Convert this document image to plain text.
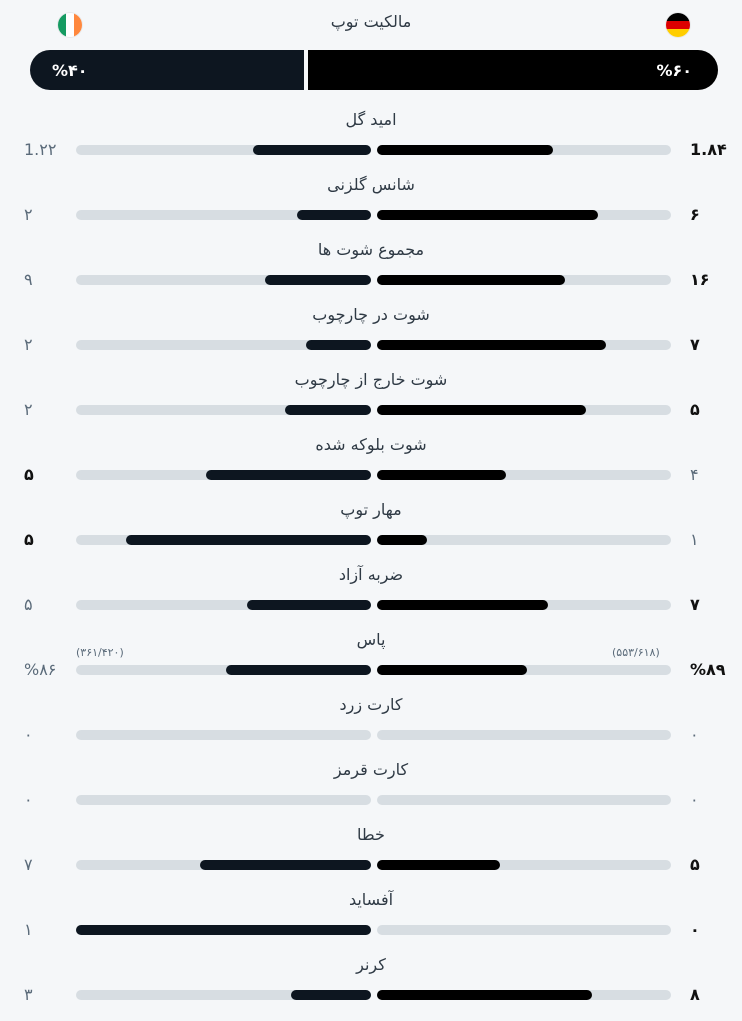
مالکیت توپ
%۴۰	%۶۰
امید گل
1.۲۲	1.۸۴
شانس گلزنی
۲	۶
مجموع شوت ها
۹	۱۶
شوت در چارچوب
۲	۷
شوت خارج از چارچوب
۲	۵
شوت بلوکه شده
۵	۴
مهار توپ
۵	۱
ضربه آزاد
۵	۷
پاس
%۸۶	%۸۹
(۳۶۱/۴۲۰)	(۵۵۳/۶۱۸)
کارت زرد
۰	۰
کارت قرمز
۰	۰
خطا
۷	۵
آفساید
۱	۰
کرنر
۳	۸
